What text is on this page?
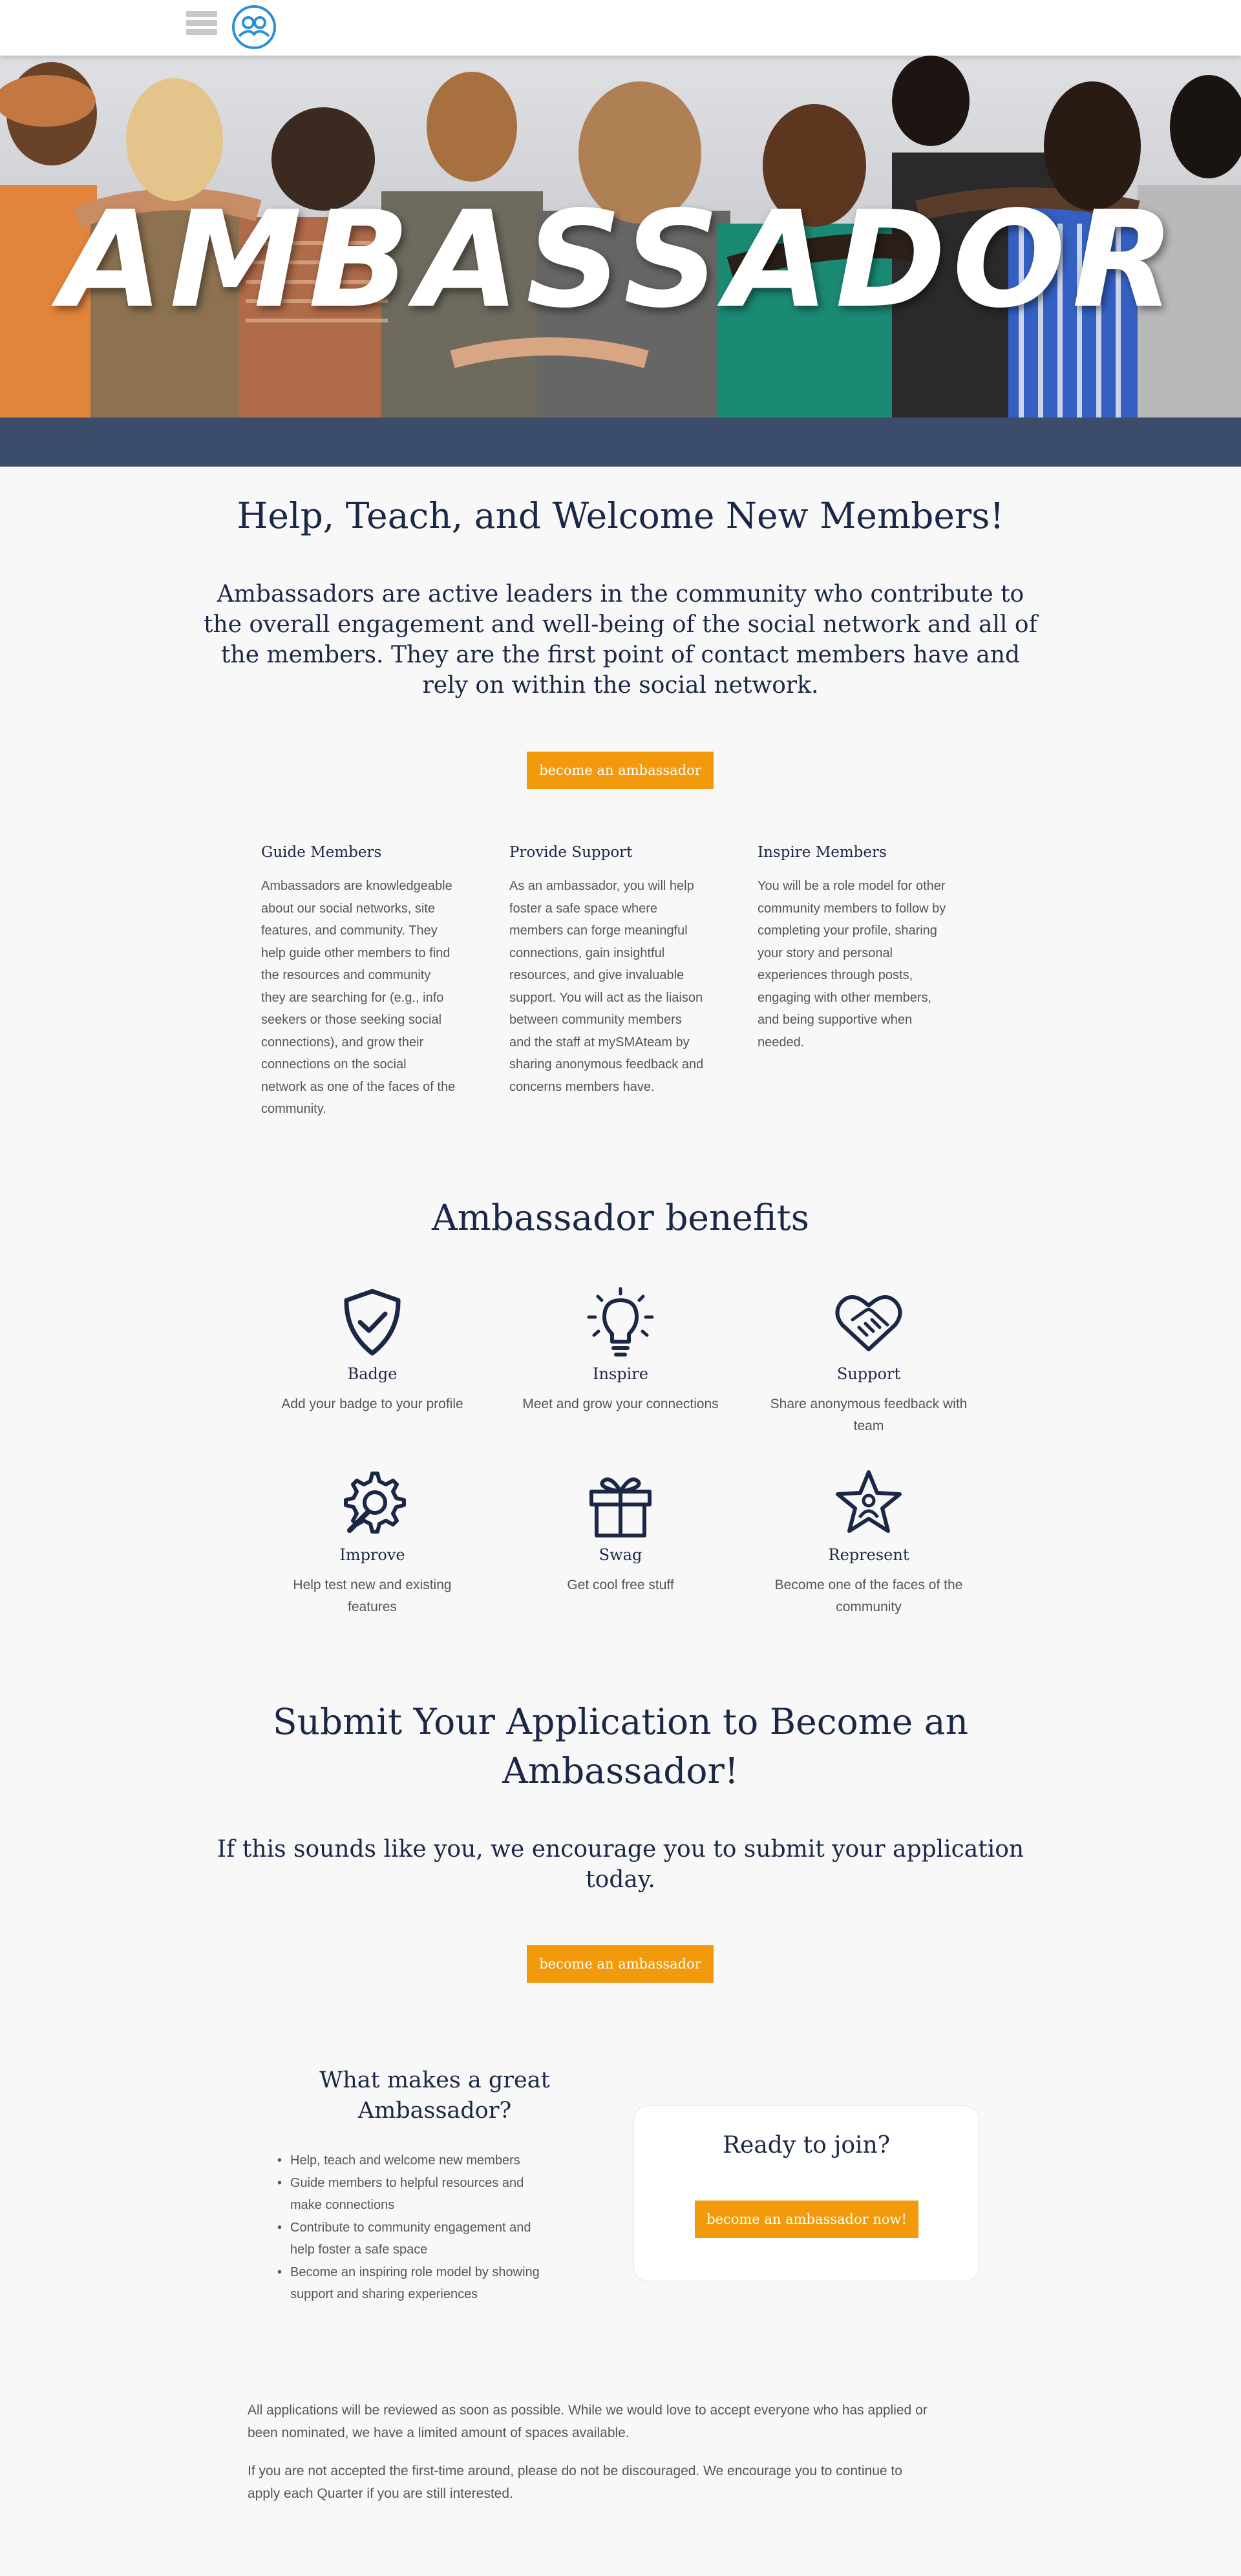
AMBASSADOR
Help, Teach, and Welcome New Members!
Ambassadors are active leaders in the community who contribute to
the overall engagement and well-being of the social network and all of
the members. They are the first point of contact members have and
rely on within the social network.
become an ambassador
Guide Members

Ambassadors are knowledgeable
about our social networks, site
features, and community. They
help guide other members to find
the resources and community
they are searching for (e.g., info
seekers or those seeking social
connections), and grow their
connections on the social
network as one of the faces of the
community.

Provide Support

As an ambassador, you will help
foster a safe space where
members can forge meaningful
connections, gain insightful
resources, and give invaluable
support. You will act as the liaison
between community members
and the staff at mySMAteam by
sharing anonymous feedback and
concerns members have.

Inspire Members

You will be a role model for other
community members to follow by
completing your profile, sharing
your story and personal
experiences through posts,
engaging with other members,
and being supportive when
needed.

Ambassador benefits
Badge
Add your badge to your profile
Inspire
Meet and grow your connections
Support
Share anonymous feedback with
team
Improve
Help test new and existing
features
Swag
Get cool free stuff
Represent
Become one of the faces of the
community
Submit Your Application to Become an
Ambassador!
If this sounds like you, we encourage you to submit your application
today.
become an ambassador
What makes a great
Ambassador?
• Help, teach and welcome new members
• Guide members to helpful resources and
make connections
• Contribute to community engagement and
help foster a safe space
• Become an inspiring role model by showing
support and sharing experiences
Ready to join?
become an ambassador now!

All applications will be reviewed as soon as possible. While we would love to accept everyone who has applied or
been nominated, we have a limited amount of spaces available.

If you are not accepted the first-time around, please do not be discouraged. We encourage you to continue to
apply each Quarter if you are still interested.
